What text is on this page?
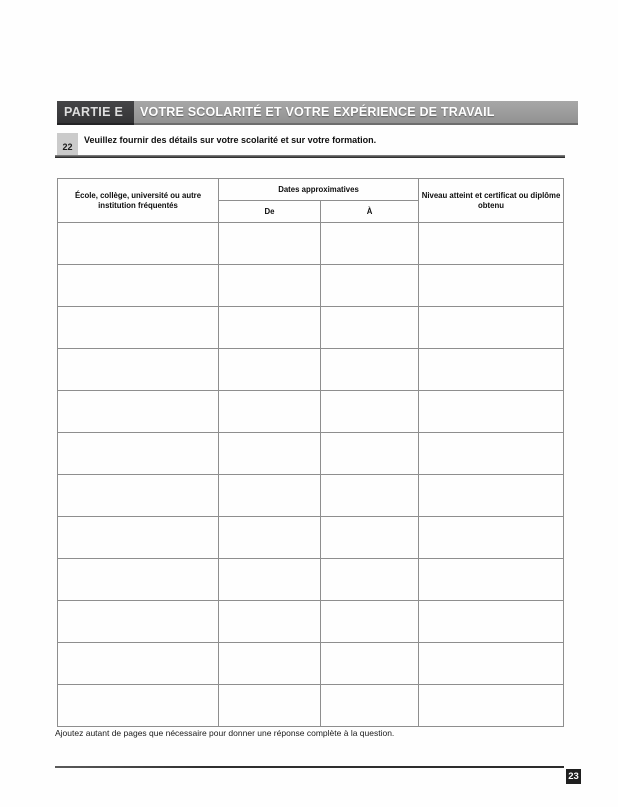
PARTIE E	VOTRE SCOLARITÉ ET VOTRE EXPÉRIENCE DE TRAVAIL
22
Veuillez fournir des détails sur votre scolarité et sur votre formation.
École, collège, université ou autre institution fréquentés	Dates approximatives		Niveau atteint et certificat ou diplôme obtenu
	De	À	

Ajoutez autant de pages que nécessaire pour donner une réponse complète à la question.
23
